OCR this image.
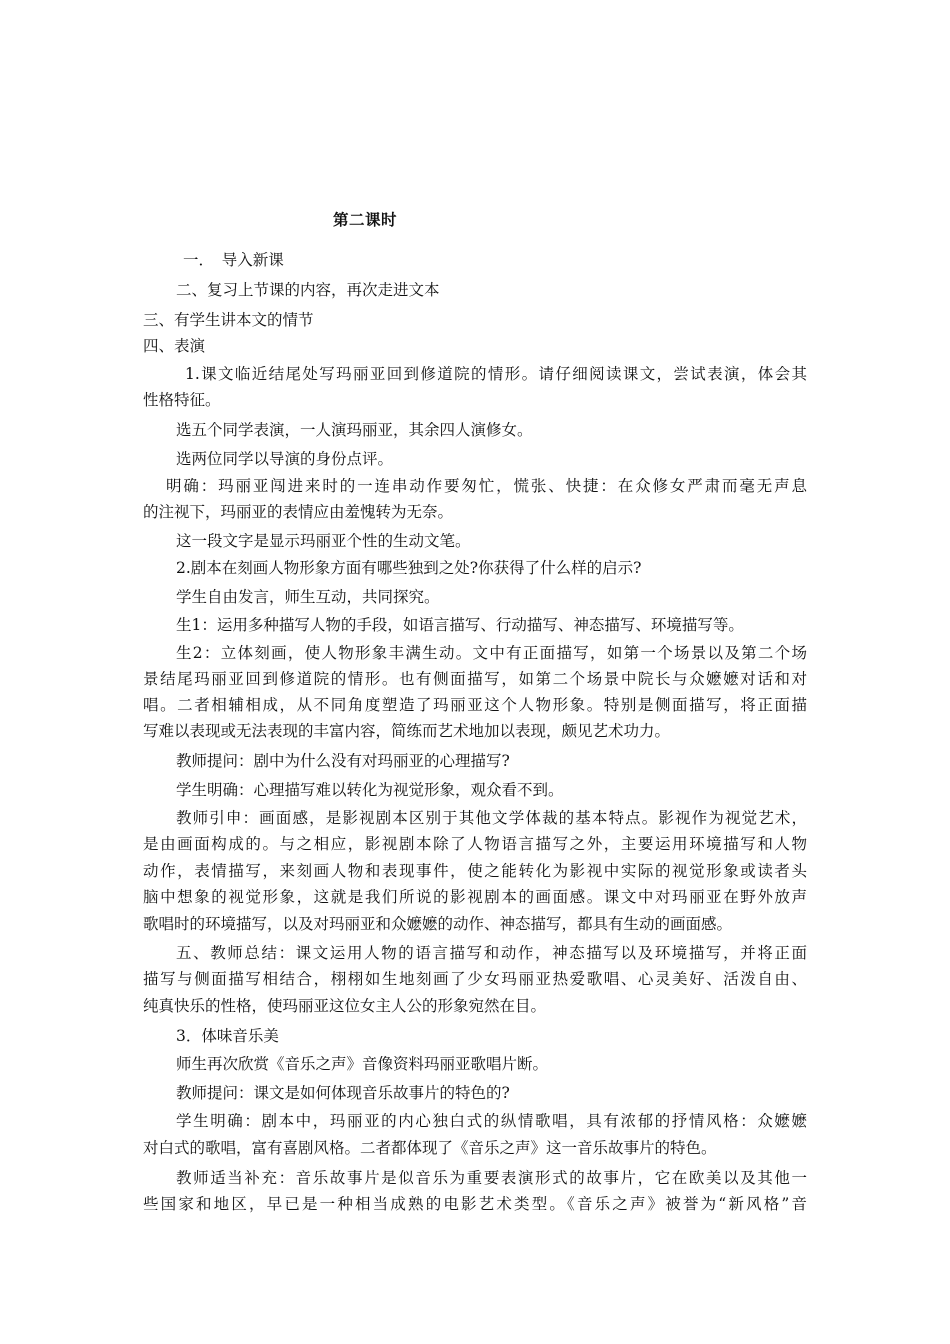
第二课时
一．　导入新课
二、复习上节课的内容，再次走进文本
三、有学生讲本文的情节
四、表演
1.课文临近结尾处写玛丽亚回到修道院的情形。请仔细阅读课文，尝试表演，体会其
性格特征。
选五个同学表演，一人演玛丽亚，其余四人演修女。
选两位同学以导演的身份点评。
明确：玛丽亚闯进来时的一连串动作要匆忙，慌张、快捷：在众修女严肃而毫无声息
的注视下，玛丽亚的表情应由羞愧转为无奈。
这一段文字是显示玛丽亚个性的生动文笔。
2.剧本在刻画人物形象方面有哪些独到之处?你获得了什么样的启示?
学生自由发言，师生互动，共同探究。
生1：运用多种描写人物的手段，如语言描写、行动描写、神态描写、环境描写等。
生2：立体刻画，使人物形象丰满生动。文中有正面描写，如第一个场景以及第二个场
景结尾玛丽亚回到修道院的情形。也有侧面描写，如第二个场景中院长与众嬷嬷对话和对
唱。二者相辅相成，从不同角度塑造了玛丽亚这个人物形象。特别是侧面描写，将正面描
写难以表现或无法表现的丰富内容，简练而艺术地加以表现，颇见艺术功力。
教师提问：剧中为什么没有对玛丽亚的心理描写?
学生明确：心理描写难以转化为视觉形象，观众看不到。
教师引申：画面感，是影视剧本区别于其他文学体裁的基本特点。影视作为视觉艺术，
是由画面构成的。与之相应，影视剧本除了人物语言描写之外，主要运用环境描写和人物
动作，表情描写，来刻画人物和表现事件，使之能转化为影视中实际的视觉形象或读者头
脑中想象的视觉形象，这就是我们所说的影视剧本的画面感。课文中对玛丽亚在野外放声
歌唱时的环境描写，以及对玛丽亚和众嬷嬷的动作、神态描写，都具有生动的画面感。
五、教师总结：课文运用人物的语言描写和动作，神态描写以及环境描写，并将正面
描写与侧面描写相结合，栩栩如生地刻画了少女玛丽亚热爱歌唱、心灵美好、活泼自由、
纯真快乐的性格，使玛丽亚这位女主人公的形象宛然在目。
3．体味音乐美
师生再次欣赏《音乐之声》音像资料玛丽亚歌唱片断。
教师提问：课文是如何体现音乐故事片的特色的?
学生明确：剧本中，玛丽亚的内心独白式的纵情歌唱，具有浓郁的抒情风格：众嬷嬷
对白式的歌唱，富有喜剧风格。二者都体现了《音乐之声》这一音乐故事片的特色。
教师适当补充：音乐故事片是似音乐为重要表演形式的故事片，它在欧美以及其他一
些国家和地区，早已是一种相当成熟的电影艺术类型。《音乐之声》被誉为“新风格”音
